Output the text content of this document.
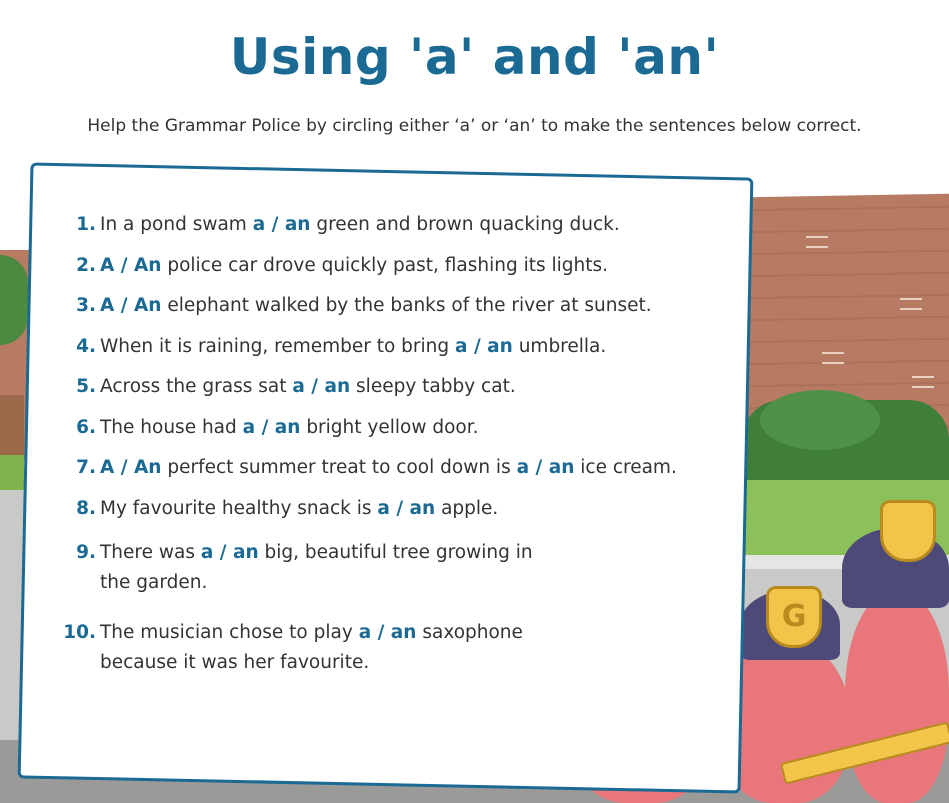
G
Using 'a' and 'an'
Help the Grammar Police by circling either ‘a’ or ‘an’ to make the sentences below correct.
1. In a pond swam a / an green and brown quacking duck.
2. A / An police car drove quickly past, flashing its lights.
3. A / An elephant walked by the banks of the river at sunset.
4. When it is raining, remember to bring a / an umbrella.
5. Across the grass sat a / an sleepy tabby cat.
6. The house had a / an bright yellow door.
7. A / An perfect summer treat to cool down is a / an ice cream.
8. My favourite healthy snack is a / an apple.
9. There was a / an big, beautiful tree growing in
the garden.
10. The musician chose to play a / an saxophone
because it was her favourite.
